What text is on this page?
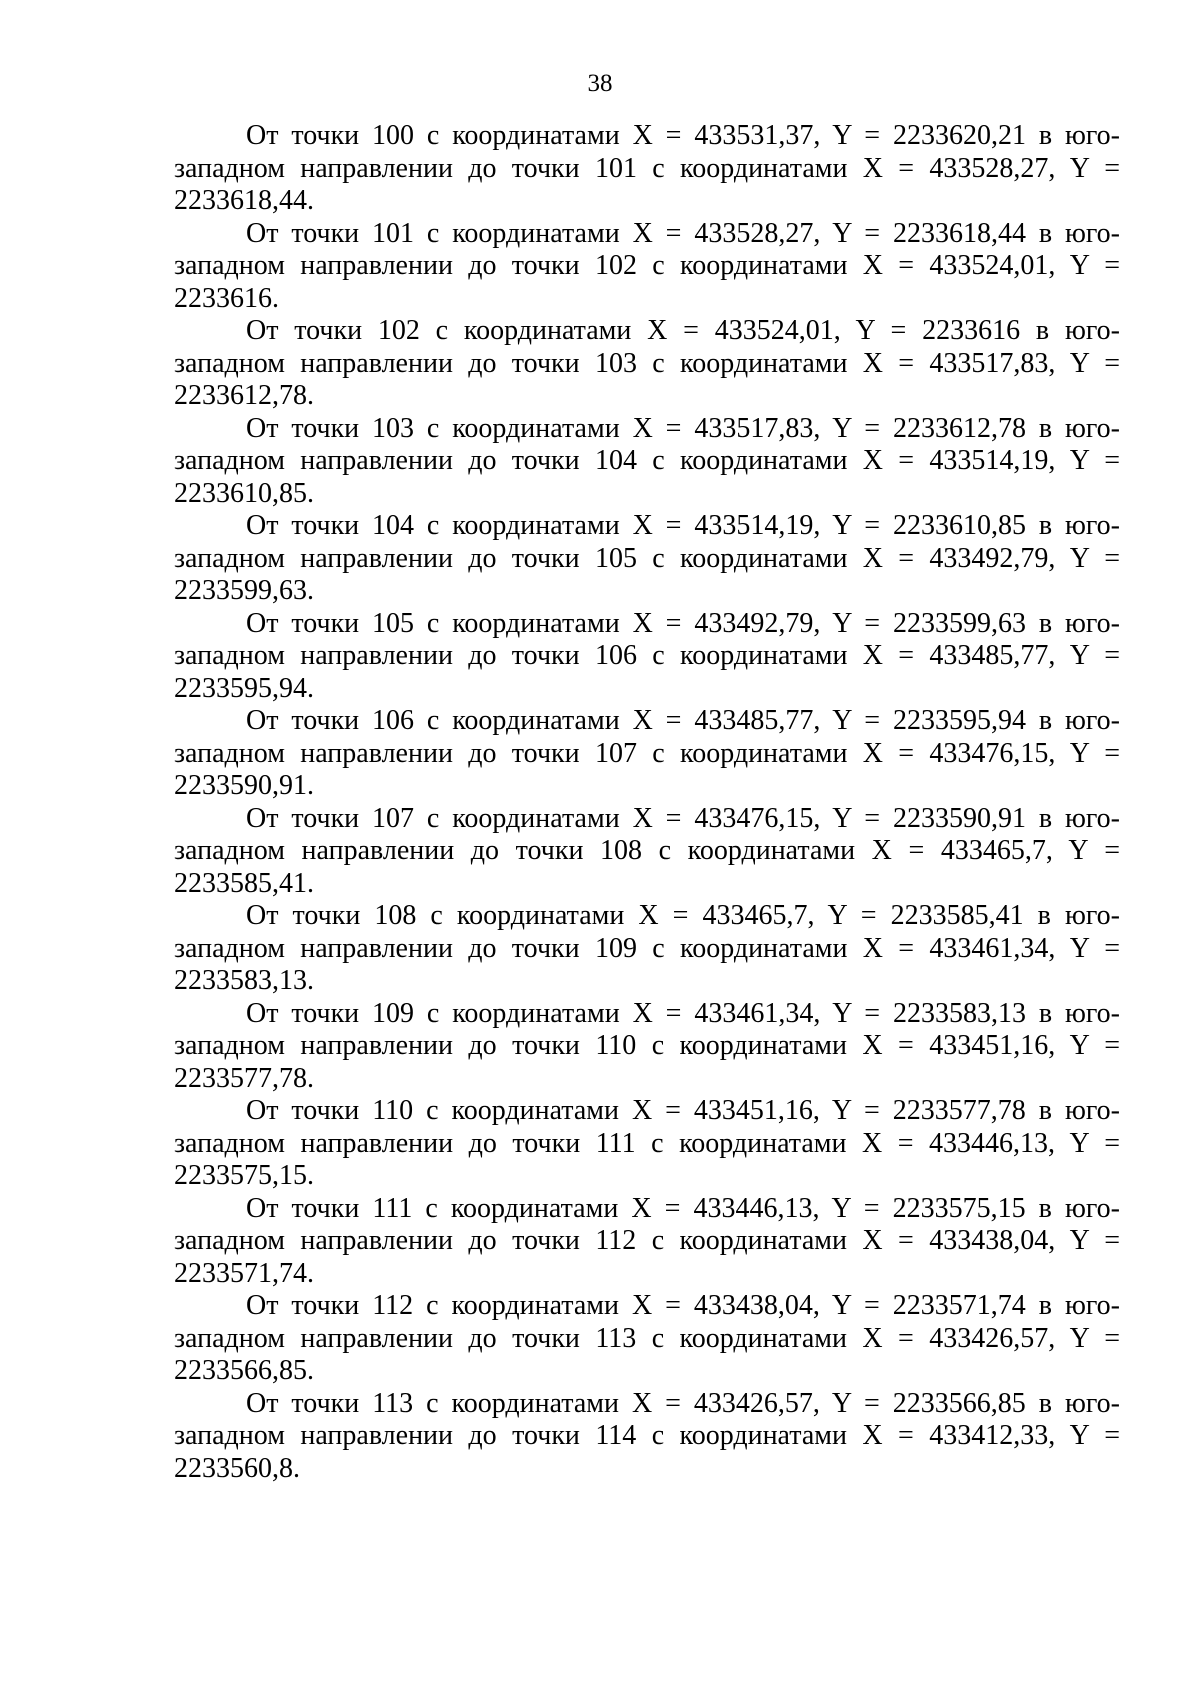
38

От точки 100 с координатами X = 433531,37, Y = 2233620,21 в юго-западном направлении до точки 101 с координатами X = 433528,27, Y = 2233618,44.

От точки 101 с координатами X = 433528,27, Y = 2233618,44 в юго-западном направлении до точки 102 с координатами X = 433524,01, Y = 2233616.

От точки 102 с координатами X = 433524,01, Y = 2233616 в юго-западном направлении до точки 103 с координатами X = 433517,83, Y = 2233612,78.

От точки 103 с координатами X = 433517,83, Y = 2233612,78 в юго-западном направлении до точки 104 с координатами X = 433514,19, Y = 2233610,85.

От точки 104 с координатами X = 433514,19, Y = 2233610,85 в юго-западном направлении до точки 105 с координатами X = 433492,79, Y = 2233599,63.

От точки 105 с координатами X = 433492,79, Y = 2233599,63 в юго-западном направлении до точки 106 с координатами X = 433485,77, Y = 2233595,94.

От точки 106 с координатами X = 433485,77, Y = 2233595,94 в юго-западном направлении до точки 107 с координатами X = 433476,15, Y = 2233590,91.

От точки 107 с координатами X = 433476,15, Y = 2233590,91 в юго-западном направлении до точки 108 с координатами X = 433465,7, Y = 2233585,41.

От точки 108 с координатами X = 433465,7, Y = 2233585,41 в юго-западном направлении до точки 109 с координатами X = 433461,34, Y = 2233583,13.

От точки 109 с координатами X = 433461,34, Y = 2233583,13 в юго-западном направлении до точки 110 с координатами X = 433451,16, Y = 2233577,78.

От точки 110 с координатами X = 433451,16, Y = 2233577,78 в юго-западном направлении до точки 111 с координатами X = 433446,13, Y = 2233575,15.

От точки 111 с координатами X = 433446,13, Y = 2233575,15 в юго-западном направлении до точки 112 с координатами X = 433438,04, Y = 2233571,74.

От точки 112 с координатами X = 433438,04, Y = 2233571,74 в юго-западном направлении до точки 113 с координатами X = 433426,57, Y = 2233566,85.

От точки 113 с координатами X = 433426,57, Y = 2233566,85 в юго-западном направлении до точки 114 с координатами X = 433412,33, Y = 2233560,8.
